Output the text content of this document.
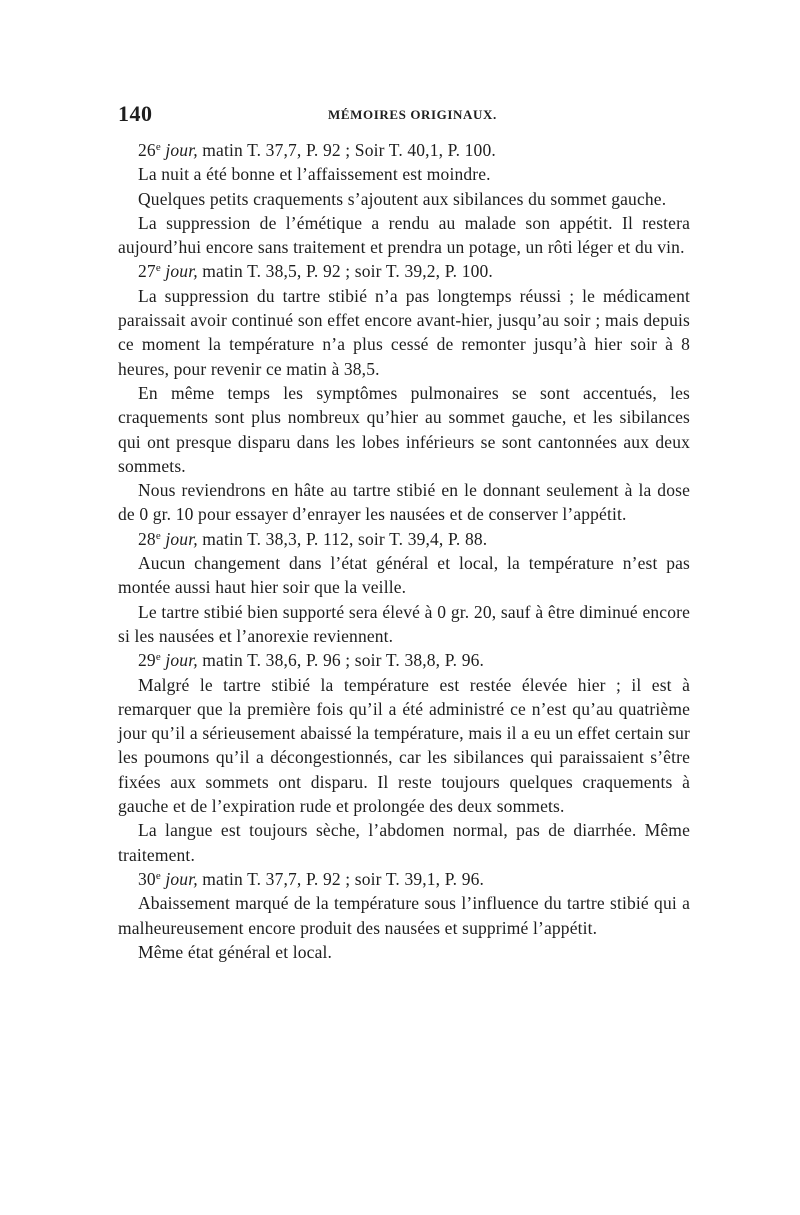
140	MÉMOIRES ORIGINAUX.

26e jour, matin T. 37,7, P. 92 ; Soir T. 40,1, P. 100.

La nuit a été bonne et l’affaissement est moindre.

Quelques petits craquements s’ajoutent aux sibilances du sommet gauche.

La suppression de l’émétique a rendu au malade son appétit. Il restera aujourd’hui encore sans traitement et prendra un potage, un rôti léger et du vin.

27e jour, matin T. 38,5, P. 92 ; soir T. 39,2, P. 100.

La suppression du tartre stibié n’a pas longtemps réussi ; le médicament paraissait avoir continué son effet encore avant-hier, jusqu’au soir ; mais depuis ce moment la température n’a plus cessé de remonter jusqu’à hier soir à 8 heures, pour revenir ce matin à 38,5.

En même temps les symptômes pulmonaires se sont accentués, les craquements sont plus nombreux qu’hier au sommet gauche, et les sibilances qui ont presque disparu dans les lobes inférieurs se sont cantonnées aux deux sommets.

Nous reviendrons en hâte au tartre stibié en le donnant seulement à la dose de 0 gr. 10 pour essayer d’enrayer les nausées et de conserver l’appétit.

28e jour, matin T. 38,3, P. 112, soir T. 39,4, P. 88.

Aucun changement dans l’état général et local, la température n’est pas montée aussi haut hier soir que la veille.

Le tartre stibié bien supporté sera élevé à 0 gr. 20, sauf à être diminué encore si les nausées et l’anorexie reviennent.

29e jour, matin T. 38,6, P. 96 ; soir T. 38,8, P. 96.

Malgré le tartre stibié la température est restée élevée hier ; il est à remarquer que la première fois qu’il a été administré ce n’est qu’au quatrième jour qu’il a sérieusement abaissé la température, mais il a eu un effet certain sur les poumons qu’il a décongestionnés, car les sibilances qui paraissaient s’être fixées aux sommets ont disparu. Il reste toujours quelques craquements à gauche et de l’expiration rude et prolongée des deux sommets.

La langue est toujours sèche, l’abdomen normal, pas de diarrhée. Même traitement.

30e jour, matin T. 37,7, P. 92 ; soir T. 39,1, P. 96.

Abaissement marqué de la température sous l’influence du tartre stibié qui a malheureusement encore produit des nausées et supprimé l’appétit.

Même état général et local.
